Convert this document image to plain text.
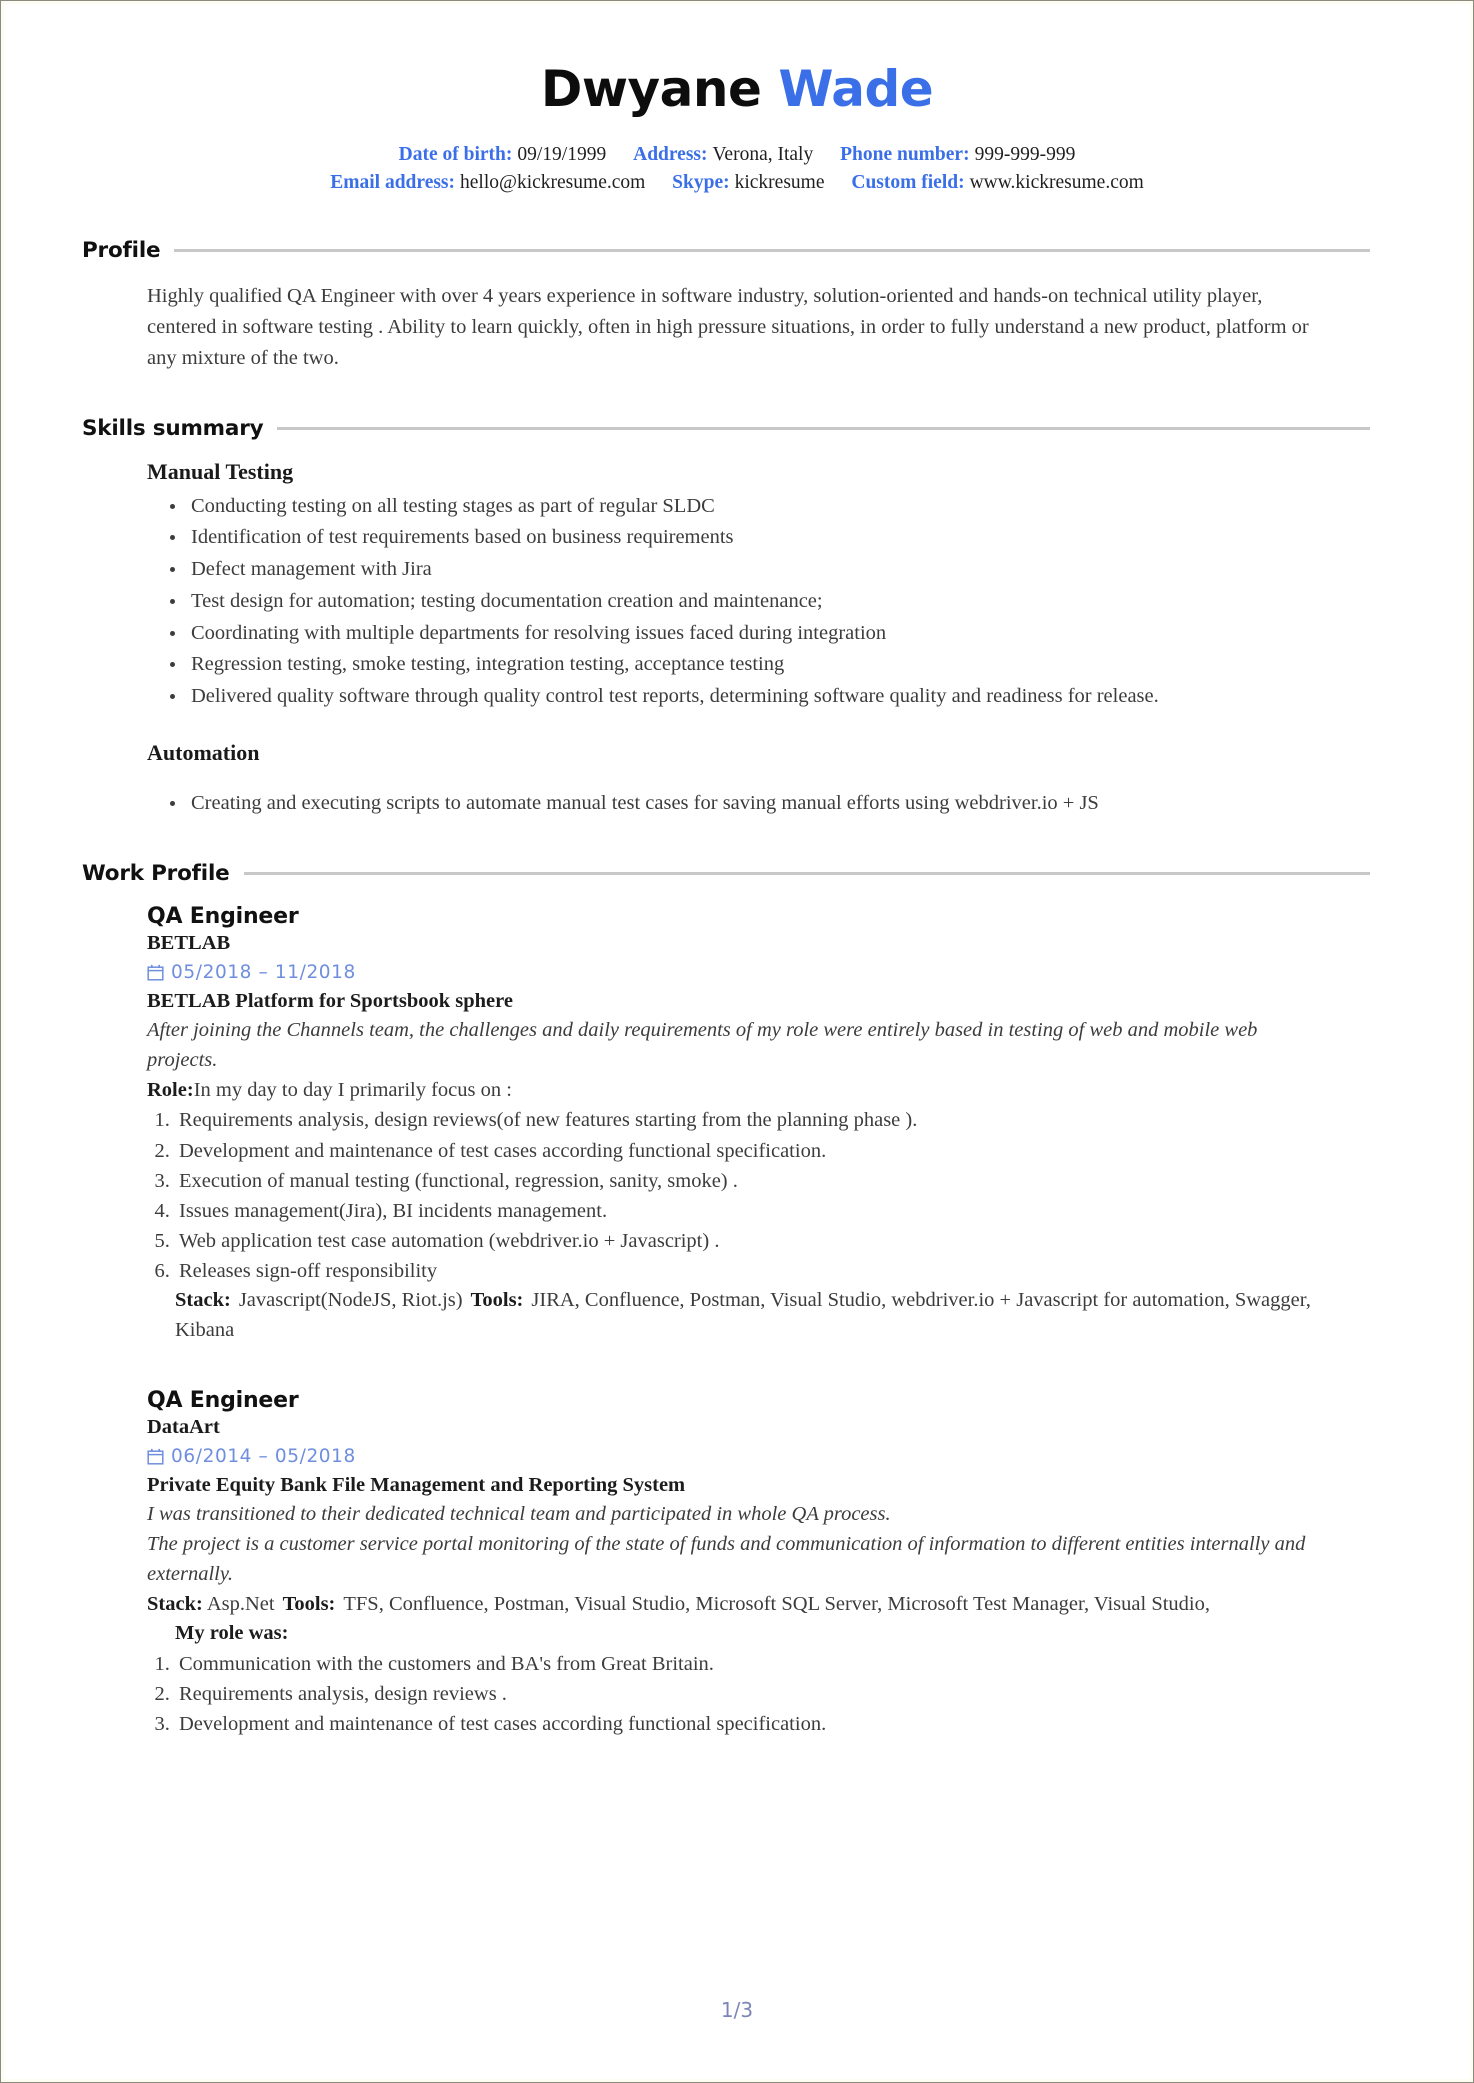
Dwyane Wade
Date of birth: 09/19/1999 Address: Verona, Italy Phone number: 999-999-999
Email address: hello@kickresume.com Skype: kickresume Custom field: www.kickresume.com
Profile
Highly qualified QA Engineer with over 4 years experience in software industry, solution-oriented and hands-on technical utility player, centered in software testing . Ability to learn quickly, often in high pressure situations, in order to fully understand a new product, platform or any mixture of the two.
Skills summary
Manual Testing
• Conducting testing on all testing stages as part of regular SLDC
• Identification of test requirements based on business requirements
• Defect management with Jira
• Test design for automation; testing documentation creation and maintenance;
• Coordinating with multiple departments for resolving issues faced during integration
• Regression testing, smoke testing, integration testing, acceptance testing
• Delivered quality software through quality control test reports, determining software quality and readiness for release.
Automation
• Creating and executing scripts to automate manual test cases for saving manual efforts using webdriver.io + JS
Work Profile
QA Engineer
BETLAB
05/2018 – 11/2018
BETLAB Platform for Sportsbook sphere
After joining the Channels team, the challenges and daily requirements of my role were entirely based in testing of web and mobile web projects.
Role:In my day to day I primarily focus on :
1. Requirements analysis, design reviews(of new features starting from the planning phase ).
2. Development and maintenance of test cases according functional specification.
3. Execution of manual testing (functional, regression, sanity, smoke) .
4. Issues management(Jira), BI incidents management.
5. Web application test case automation (webdriver.io + Javascript) .
6. Releases sign-off responsibility
Stack: Javascript(NodeJS, Riot.js) Tools: JIRA, Confluence, Postman, Visual Studio, webdriver.io + Javascript for automation, Swagger, Kibana
QA Engineer
DataArt
06/2014 – 05/2018
Private Equity Bank File Management and Reporting System
I was transitioned to their dedicated technical team and participated in whole QA process.
The project is a customer service portal monitoring of the state of funds and communication of information to different entities internally and externally.
Stack: Asp.Net Tools: TFS, Confluence, Postman, Visual Studio, Microsoft SQL Server, Microsoft Test Manager, Visual Studio,
My role was:
1. Communication with the customers and BA's from Great Britain.
2. Requirements analysis, design reviews .
3. Development and maintenance of test cases according functional specification.
1/3
